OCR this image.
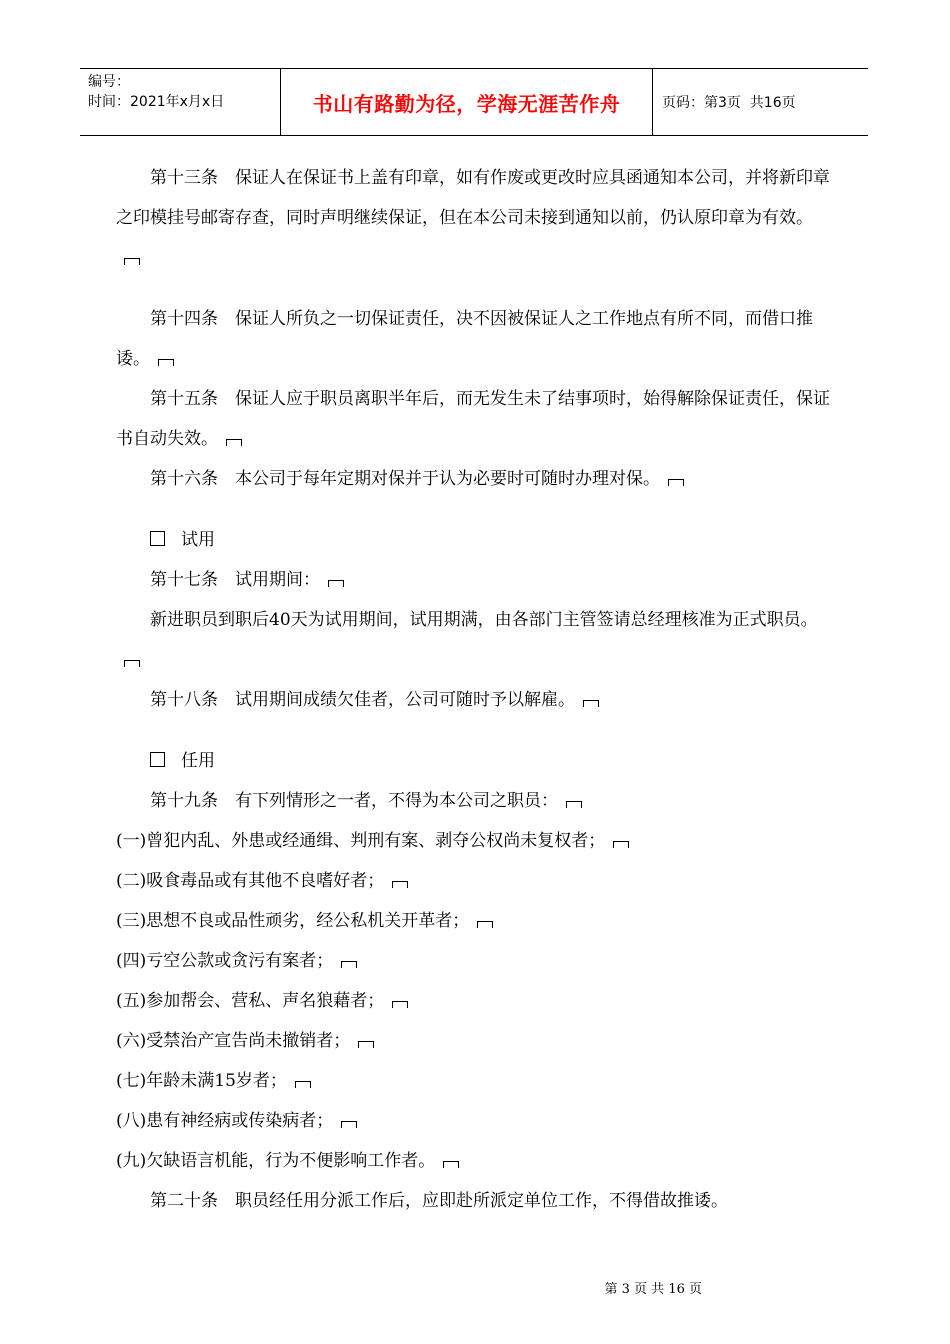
编号：
时间：2021年x月x日	书山有路勤为径，学海无涯苦作舟	页码：第3页  共16页

第十三条　保证人在保证书上盖有印章，如有作废或更改时应具函通知本公司，并将新印章之印模挂号邮寄存查，同时声明继续保证，但在本公司未接到通知以前，仍认原印章为有效。

第十四条　保证人所负之一切保证责任，决不因被保证人之工作地点有所不同，而借口推诿。

第十五条　保证人应于职员离职半年后，而无发生未了结事项时，始得解除保证责任，保证书自动失效。

第十六条　本公司于每年定期对保并于认为必要时可随时办理对保。

试用

第十七条　试用期间：

新进职员到职后40天为试用期间，试用期满，由各部门主管签请总经理核准为正式职员。

第十八条　试用期间成绩欠佳者，公司可随时予以解雇。

任用

第十九条　有下列情形之一者，不得为本公司之职员：

(一)曾犯内乱、外患或经通缉、判刑有案、剥夺公权尚未复权者；

(二)吸食毒品或有其他不良嗜好者；

(三)思想不良或品性顽劣，经公私机关开革者；

(四)亏空公款或贪污有案者；

(五)参加帮会、营私、声名狼藉者；

(六)受禁治产宣告尚未撤销者；

(七)年龄未满15岁者；

(八)患有神经病或传染病者；

(九)欠缺语言机能，行为不便影响工作者。

第二十条　职员经任用分派工作后，应即赴所派定单位工作，不得借故推诿。

第 3 页 共 16 页
